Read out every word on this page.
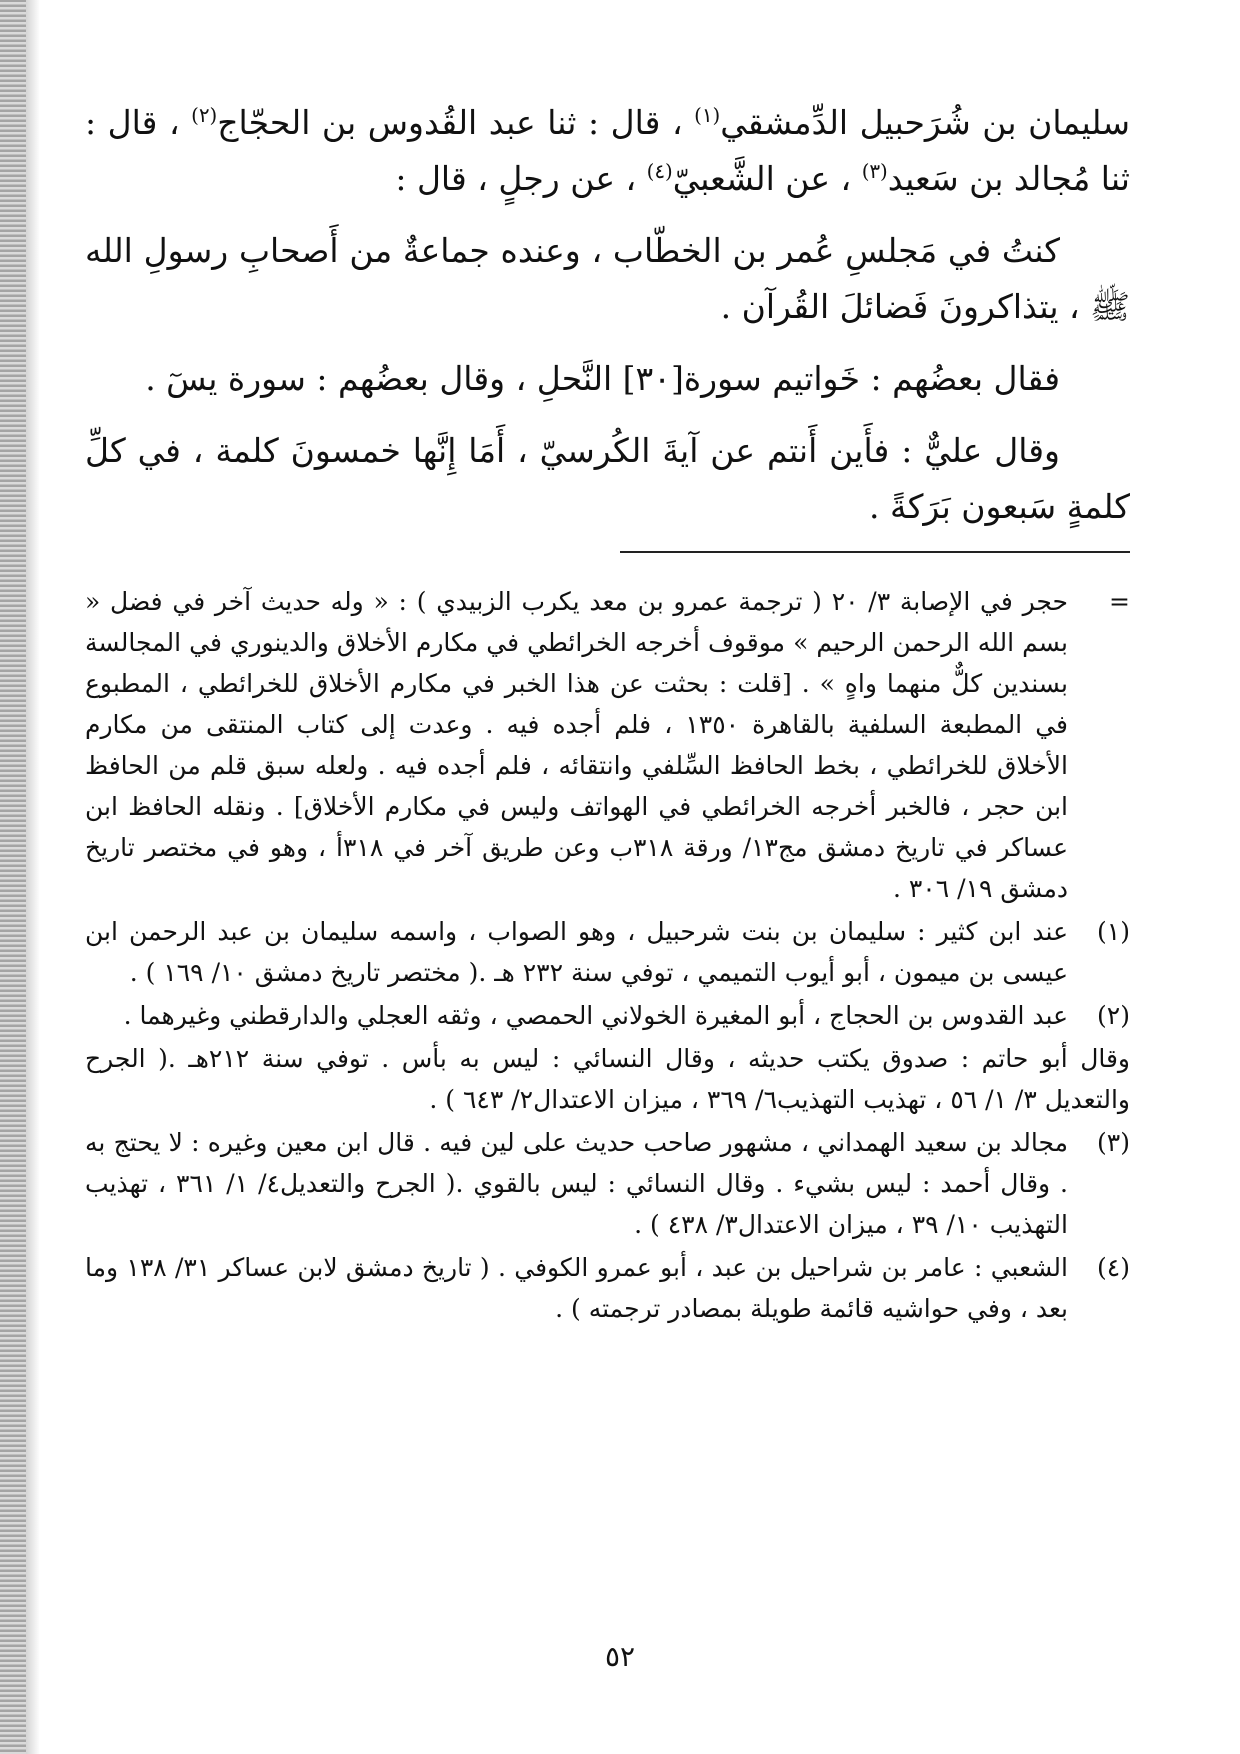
سليمان بن شُرَحبيل الدِّمشقي$^{(١)}$ ، قال : ثنا عبد القُدوس بن الحجّاج$^{(٢)}$ ، قال : ثنا مُجالد بن سَعيد$^{(٣)}$ ، عن الشَّعبيّ$^{(٤)}$ ، عن رجلٍ ، قال :

كنتُ في مَجلسِ عُمر بن الخطّاب ، وعنده جماعةٌ من أَصحابِ رسولِ الله ﷺ ، يتذاكرونَ فَضائلَ القُرآن .

فقال بعضُهم : خَواتيم سورة[٣٠] النَّحلِ ، وقال بعضُهم : سورة يسٓ .

وقال عليٌّ : فأَين أَنتم عن آيةَ الكُرسيّ ، أَمَا إِنَّها خمسونَ كلمة ، في كلِّ كلمةٍ سَبعون بَرَكةً .

=
حجر في الإصابة ٣/ ٢٠ ( ترجمة عمرو بن معد يكرب الزبيدي ) : « وله حديث آخر في فضل « بسم الله الرحمن الرحيم » موقوف أخرجه الخرائطي في مكارم الأخلاق والدينوري في المجالسة بسندين كلٌّ منهما واهٍ » . [قلت : بحثت عن هذا الخبر في مكارم الأخلاق للخرائطي ، المطبوع في المطبعة السلفية بالقاهرة ١٣٥٠ ، فلم أجده فيه . وعدت إلى كتاب المنتقى من مكارم الأخلاق للخرائطي ، بخط الحافظ السِّلفي وانتقائه ، فلم أجده فيه . ولعله سبق قلم من الحافظ ابن حجر ، فالخبر أخرجه الخرائطي في الهواتف وليس في مكارم الأخلاق] . ونقله الحافظ ابن عساكر في تاريخ دمشق مج١٣/ ورقة ٣١٨ب وعن طريق آخر في ٣١٨أ ، وهو في مختصر تاريخ دمشق ١٩/ ٣٠٦ .
(١)
عند ابن كثير : سليمان بن بنت شرحبيل ، وهو الصواب ، واسمه سليمان بن عبد الرحمن ابن عيسى بن ميمون ، أبو أيوب التميمي ، توفي سنة ٢٣٢ هـ .( مختصر تاريخ دمشق ١٠/ ١٦٩ ) .
(٢)
عبد القدوس بن الحجاج ، أبو المغيرة الخولاني الحمصي ، وثقه العجلي والدارقطني وغيرهما .
وقال أبو حاتم : صدوق يكتب حديثه ، وقال النسائي : ليس به بأس . توفي سنة ٢١٢هـ .( الجرح والتعديل ٣/ ١/ ٥٦ ، تهذيب التهذيب٦/ ٣٦٩ ، ميزان الاعتدال٢/ ٦٤٣ ) .
(٣)
مجالد بن سعيد الهمداني ، مشهور صاحب حديث على لين فيه . قال ابن معين وغيره : لا يحتج به . وقال أحمد : ليس بشيء . وقال النسائي : ليس بالقوي .( الجرح والتعديل٤/ ١/ ٣٦١ ، تهذيب التهذيب ١٠/ ٣٩ ، ميزان الاعتدال٣/ ٤٣٨ ) .
(٤)
الشعبي : عامر بن شراحيل بن عبد ، أبو عمرو الكوفي . ( تاريخ دمشق لابن عساكر ٣١/ ١٣٨ وما بعد ، وفي حواشيه قائمة طويلة بمصادر ترجمته ) .
٥٢
